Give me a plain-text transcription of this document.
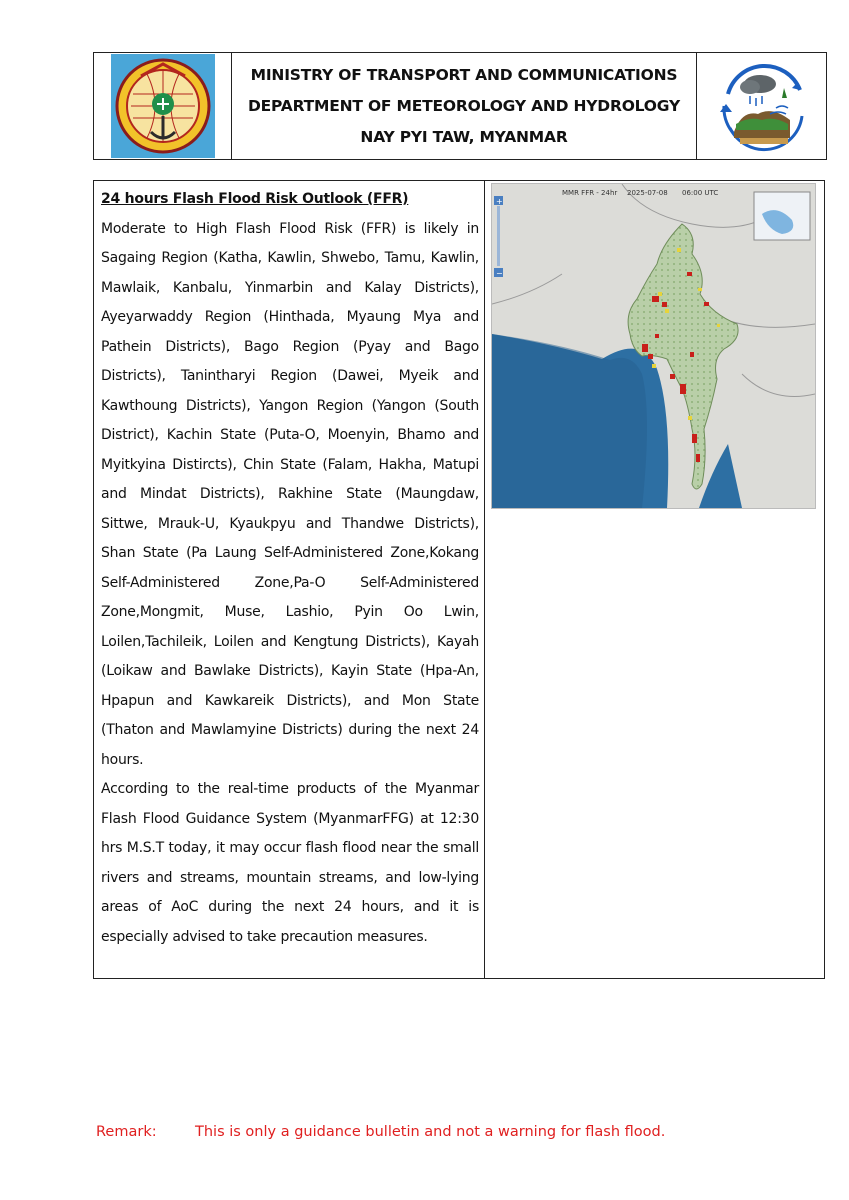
MINISTRY OF TRANSPORT AND COMMUNICATIONS
DEPARTMENT OF METEOROLOGY AND HYDROLOGY
NAY PYI TAW, MYANMAR
24 hours Flash Flood Risk Outlook (FFR)

Moderate to High Flash Flood Risk (FFR) is likely in Sagaing Region (Katha, Kawlin, Shwebo, Tamu, Kawlin, Mawlaik, Kanbalu, Yinmarbin and Kalay Districts), Ayeyarwaddy Region (Hinthada, Myaung Mya and Pathein Districts), Bago Region (Pyay and Bago Districts), Tanintharyi Region (Dawei, Myeik and Kawthoung Districts), Yangon Region (Yangon (South District), Kachin State (Puta-O, Moenyin, Bhamo and Myitkyina Distircts), Chin State (Falam, Hakha, Matupi and Mindat Districts), Rakhine State (Maungdaw, Sittwe, Mrauk-U, Kyaukpyu and Thandwe Districts), Shan State (Pa Laung Self-Administered Zone,Kokang Self-Administered Zone,Pa-O Self-Administered Zone,Mongmit, Muse, Lashio, Pyin Oo Lwin, Loilen,Tachileik, Loilen and Kengtung Districts), Kayah (Loikaw and Bawlake Districts), Kayin State (Hpa-An, Hpapun and Kawkareik Districts), and Mon State (Thaton and Mawlamyine Districts) during the next 24 hours.

According to the real-time products of the Myanmar Flash Flood Guidance System (MyanmarFFG) at 12:30 hrs M.S.T today, it may occur flash flood near the small rivers and streams, mountain streams, and low-lying areas of AoC during the next 24 hours, and it is especially advised to take precaution measures.

MMR FFR - 24hr 2025-07-08 06:00 UTC
+
−
Remark:	This is only a guidance bulletin and not a warning for flash flood.
